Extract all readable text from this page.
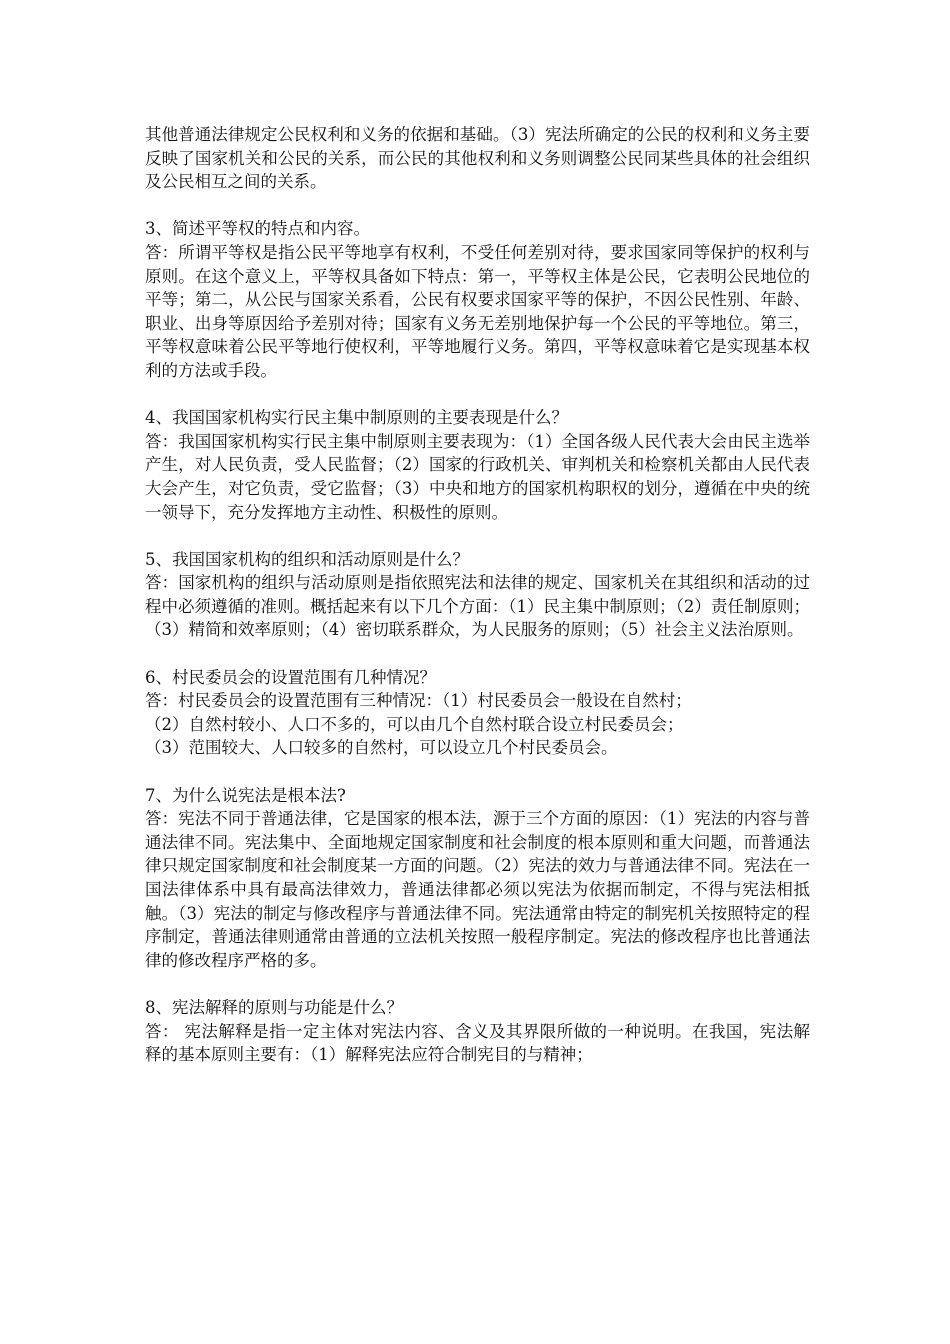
其他普通法律规定公民权利和义务的依据和基础。（3）宪法所确定的公民的权利和义务主要反映了国家机关和公民的关系，而公民的其他权利和义务则调整公民同某些具体的社会组织及公民相互之间的关系。

3、简述平等权的特点和内容。

答：所谓平等权是指公民平等地享有权利，不受任何差别对待，要求国家同等保护的权利与原则。在这个意义上，平等权具备如下特点：第一，平等权主体是公民，它表明公民地位的平等；第二，从公民与国家关系看，公民有权要求国家平等的保护，不因公民性别、年龄、职业、出身等原因给予差别对待；国家有义务无差别地保护每一个公民的平等地位。第三，平等权意味着公民平等地行使权利，平等地履行义务。第四，平等权意味着它是实现基本权利的方法或手段。

4、我国国家机构实行民主集中制原则的主要表现是什么？

答：我国国家机构实行民主集中制原则主要表现为：（1）全国各级人民代表大会由民主选举产生，对人民负责，受人民监督；（2）国家的行政机关、审判机关和检察机关都由人民代表大会产生，对它负责，受它监督；（3）中央和地方的国家机构职权的划分，遵循在中央的统一领导下，充分发挥地方主动性、积极性的原则。

5、我国国家机构的组织和活动原则是什么？

答：国家机构的组织与活动原则是指依照宪法和法律的规定、国家机关在其组织和活动的过程中必须遵循的准则。概括起来有以下几个方面：（1）民主集中制原则；（2）责任制原则；（3）精简和效率原则；（4）密切联系群众，为人民服务的原则；（5）社会主义法治原则。

6、村民委员会的设置范围有几种情况？

答：村民委员会的设置范围有三种情况：（1）村民委员会一般设在自然村；

（2）自然村较小、人口不多的，可以由几个自然村联合设立村民委员会；

（3）范围较大、人口较多的自然村，可以设立几个村民委员会。

7、为什么说宪法是根本法?

答：宪法不同于普通法律，它是国家的根本法，源于三个方面的原因：（1）宪法的内容与普通法律不同。宪法集中、全面地规定国家制度和社会制度的根本原则和重大问题，而普通法律只规定国家制度和社会制度某一方面的问题。（2）宪法的效力与普通法律不同。宪法在一国法律体系中具有最高法律效力，普通法律都必须以宪法为依据而制定，不得与宪法相抵触。（3）宪法的制定与修改程序与普通法律不同。宪法通常由特定的制宪机关按照特定的程序制定，普通法律则通常由普通的立法机关按照一般程序制定。宪法的修改程序也比普通法律的修改程序严格的多。

8、宪法解释的原则与功能是什么？

答： 宪法解释是指一定主体对宪法内容、含义及其界限所做的一种说明。在我国，宪法解释的基本原则主要有：（1）解释宪法应符合制宪目的与精神；
